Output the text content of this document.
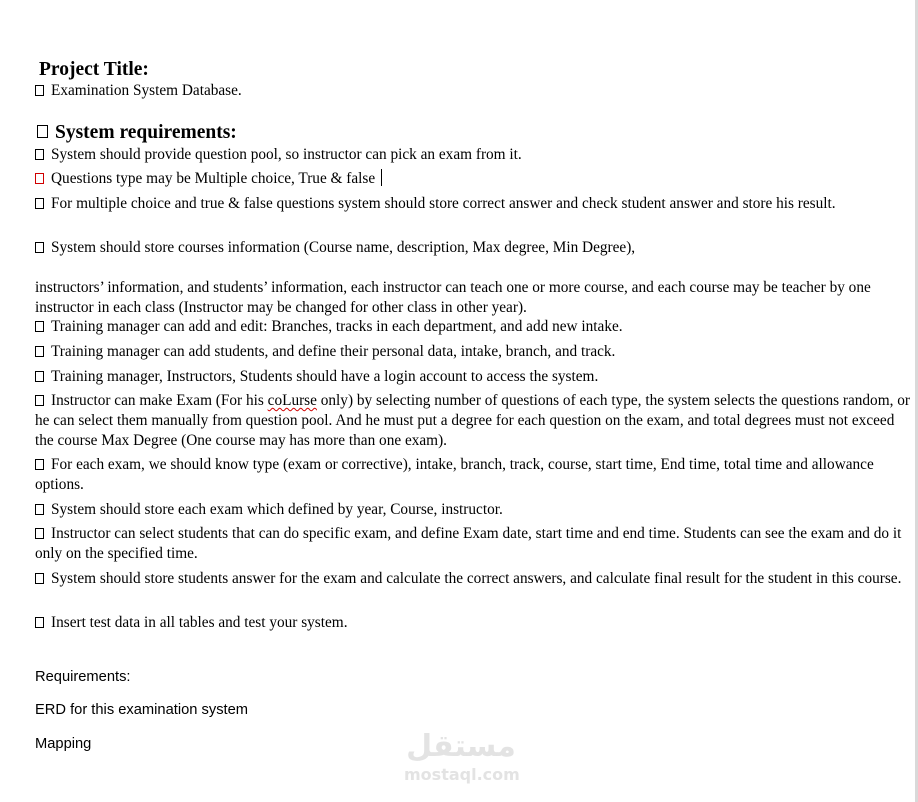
Project Title:
Examination System Database.
System requirements:
System should provide question pool, so instructor can pick an exam from it.
Questions type may be Multiple choice, True & false
For multiple choice and true & false questions system should store correct answer and check student answer and store his result.
System should store courses information (Course name, description, Max degree, Min Degree),
instructors’ information, and students’ information, each instructor can teach one or more course, and each course may be teacher by one instructor in each class (Instructor may be changed for other class in other year).
Training manager can add and edit: Branches, tracks in each department, and add new intake.
Training manager can add students, and define their personal data, intake, branch, and track.
Training manager, Instructors, Students should have a login account to access the system.
Instructor can make Exam (For his coLurse only) by selecting number of questions of each type, the system selects the questions random, or he can select them manually from question pool. And he must put a degree for each question on the exam, and total degrees must not exceed the course Max Degree (One course may has more than one exam).
For each exam, we should know type (exam or corrective), intake, branch, track, course, start time, End time, total time and allowance options.
System should store each exam which defined by year, Course, instructor.
Instructor can select students that can do specific exam, and define Exam date, start time and end time. Students can see the exam and do it only on the specified time.
System should store students answer for the exam and calculate the correct answers, and calculate final result for the student in this course.
Insert test data in all tables and test your system.
Requirements:
ERD for this examination system
Mapping	مستقل
mostaql.com
